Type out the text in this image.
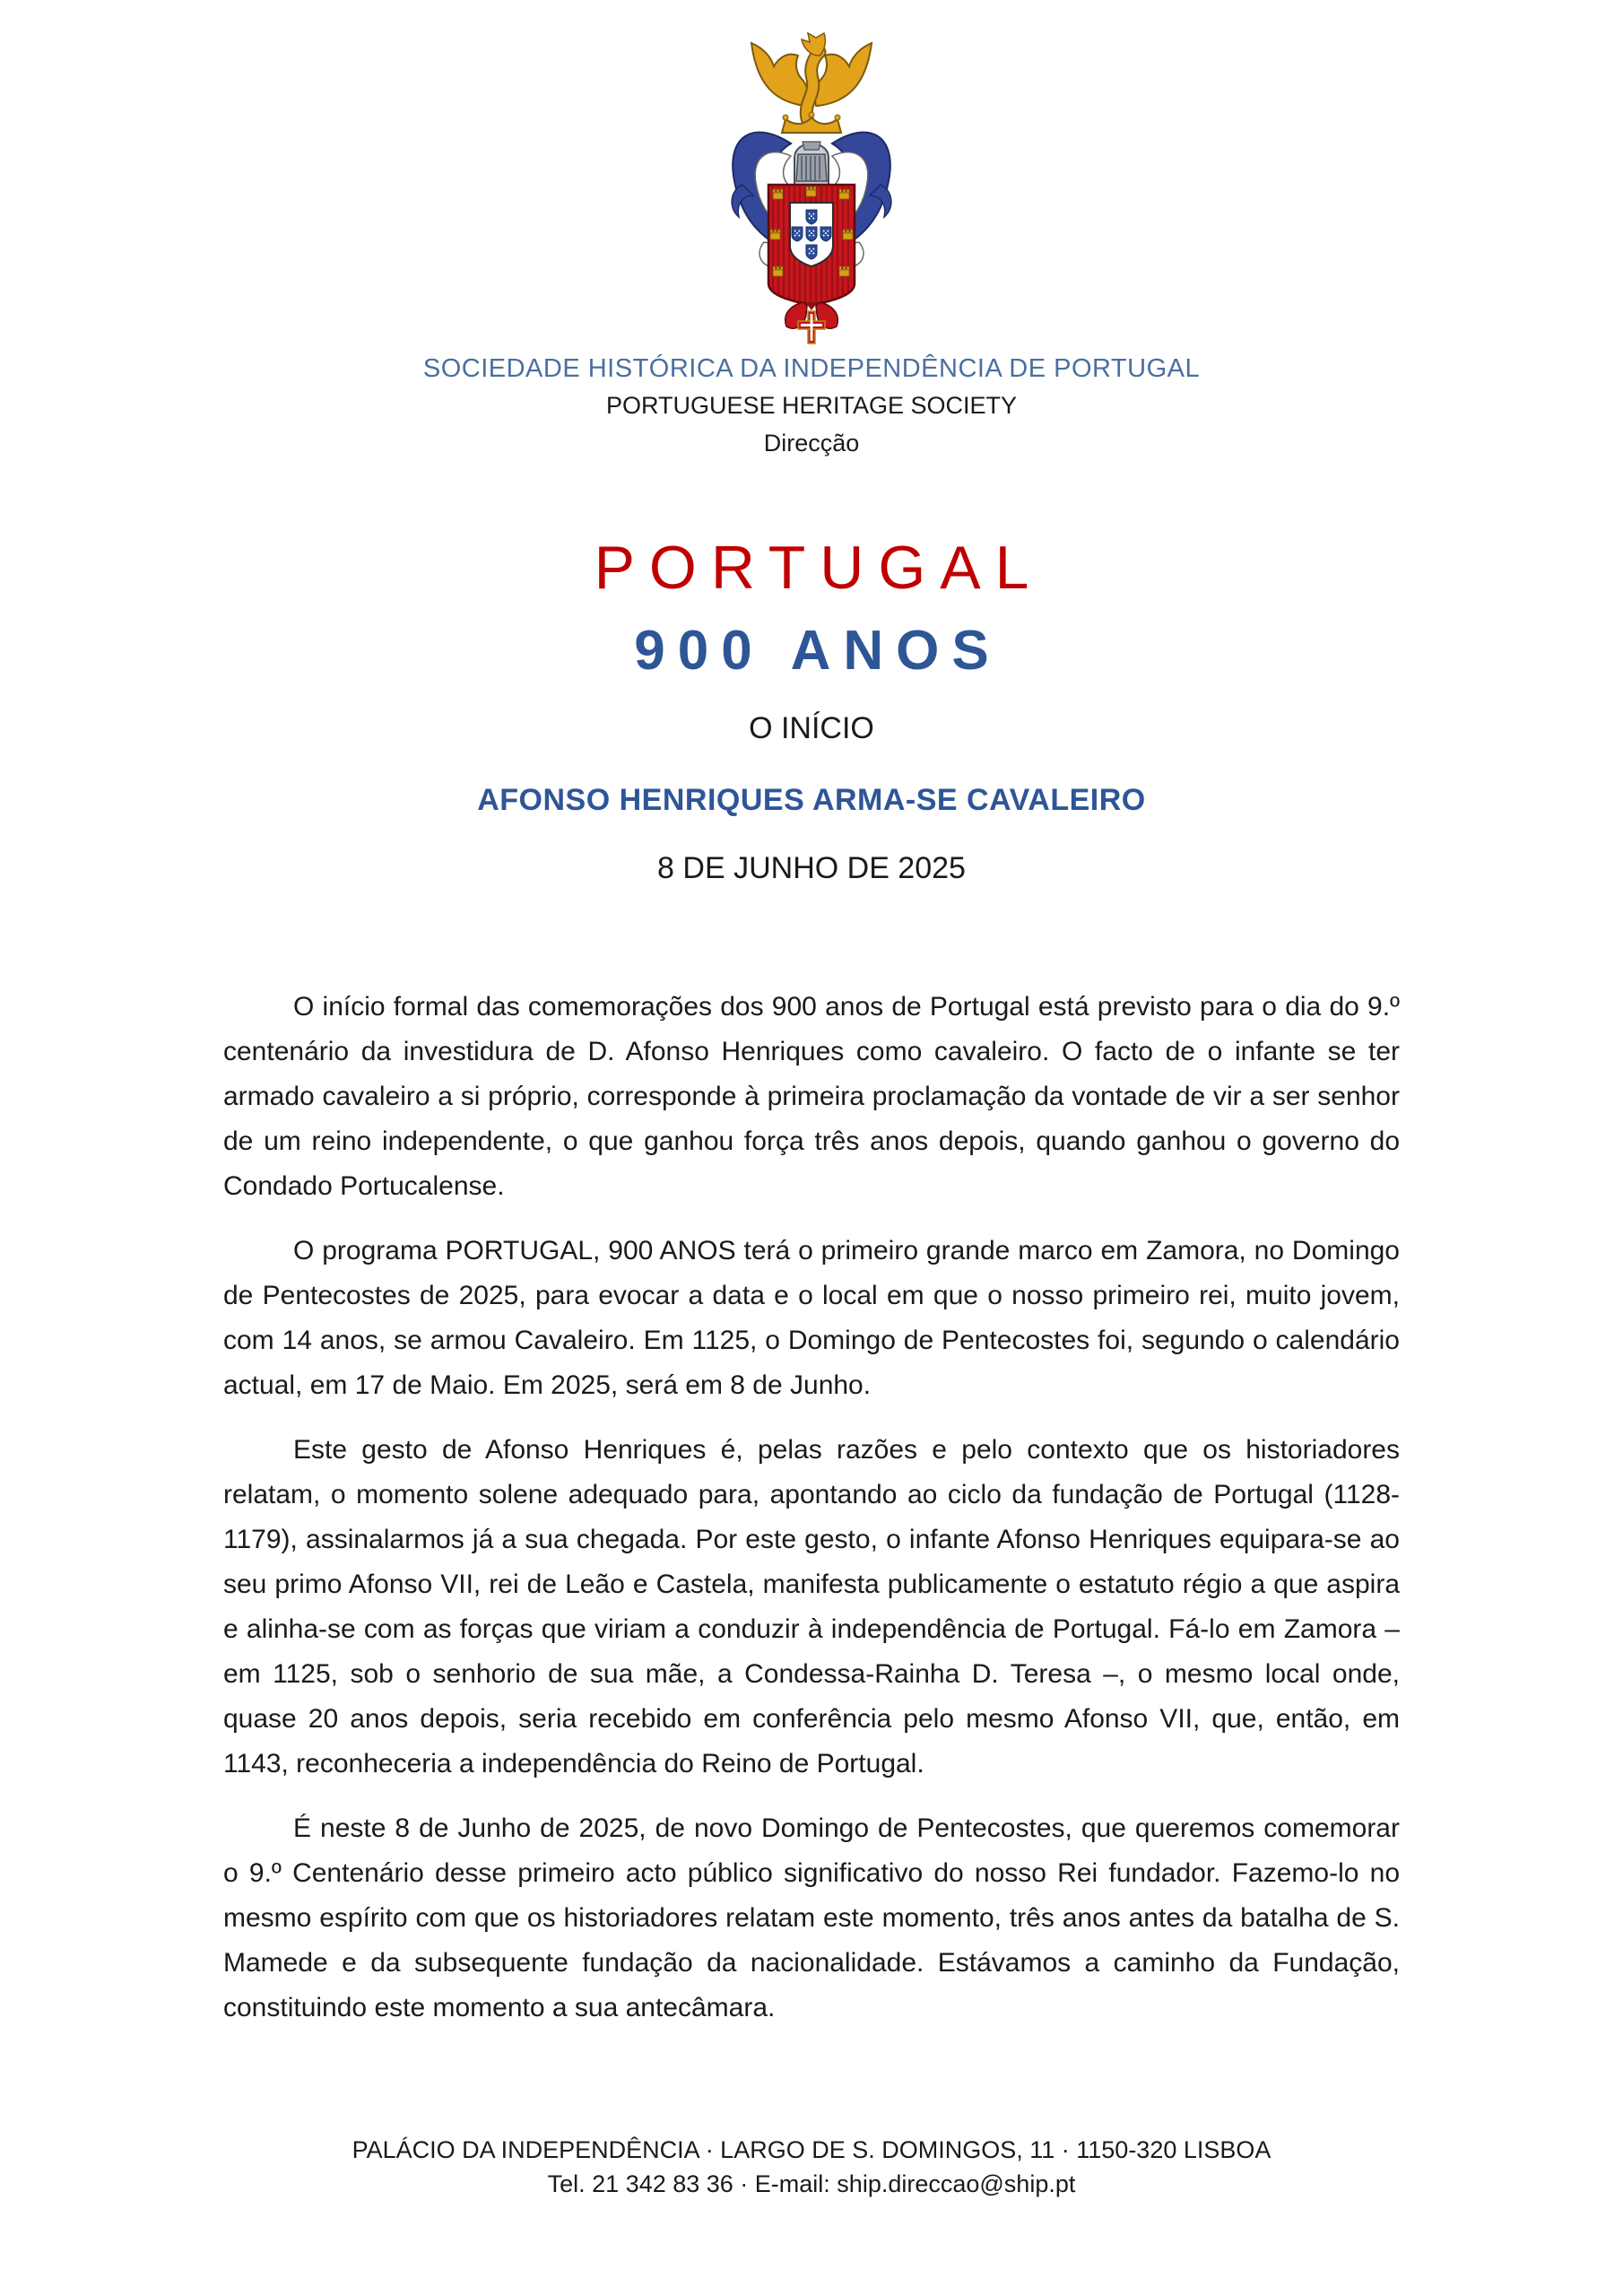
SOCIEDADE HISTÓRICA DA INDEPENDÊNCIA DE PORTUGAL
PORTUGUESE HERITAGE SOCIETY
Direcção
PORTUGAL
900 ANOS
O INÍCIO
AFONSO HENRIQUES ARMA-SE CAVALEIRO
8 DE JUNHO DE 2025

O início formal das comemorações dos 900 anos de Portugal está previsto para o dia do 9.º centenário da investidura de D. Afonso Henriques como cavaleiro. O facto de o infante se ter armado cavaleiro a si próprio, corresponde à primeira proclamação da vontade de vir a ser senhor de um reino independente, o que ganhou força três anos depois, quando ganhou o governo do Condado Portucalense.

O programa PORTUGAL, 900 ANOS terá o primeiro grande marco em Zamora, no Domingo de Pentecostes de 2025, para evocar a data e o local em que o nosso primeiro rei, muito jovem, com 14 anos, se armou Cavaleiro. Em 1125, o Domingo de Pentecostes foi, segundo o calendário actual, em 17 de Maio. Em 2025, será em 8 de Junho.

Este gesto de Afonso Henriques é, pelas razões e pelo contexto que os historiadores relatam, o momento solene adequado para, apontando ao ciclo da fundação de Portugal (1128-1179), assinalarmos já a sua chegada. Por este gesto, o infante Afonso Henriques equipara-se ao seu primo Afonso VII, rei de Leão e Castela, manifesta publicamente o estatuto régio a que aspira e alinha-se com as forças que viriam a conduzir à independência de Portugal. Fá-lo em Zamora – em 1125, sob o senhorio de sua mãe, a Condessa-Rainha D. Teresa –, o mesmo local onde, quase 20 anos depois, seria recebido em conferência pelo mesmo Afonso VII, que, então, em 1143, reconheceria a independência do Reino de Portugal.

É neste 8 de Junho de 2025, de novo Domingo de Pentecostes, que queremos comemorar o 9.º Centenário desse primeiro acto público significativo do nosso Rei fundador. Fazemo-lo no mesmo espírito com que os historiadores relatam este momento, três anos antes da batalha de S. Mamede e da subsequente fundação da nacionalidade. Estávamos a caminho da Fundação, constituindo este momento a sua antecâmara.

PALÁCIO DA INDEPENDÊNCIA · LARGO DE S. DOMINGOS, 11 · 1150-320 LISBOA
Tel. 21 342 83 36 · E-mail: ship.direccao@ship.pt
